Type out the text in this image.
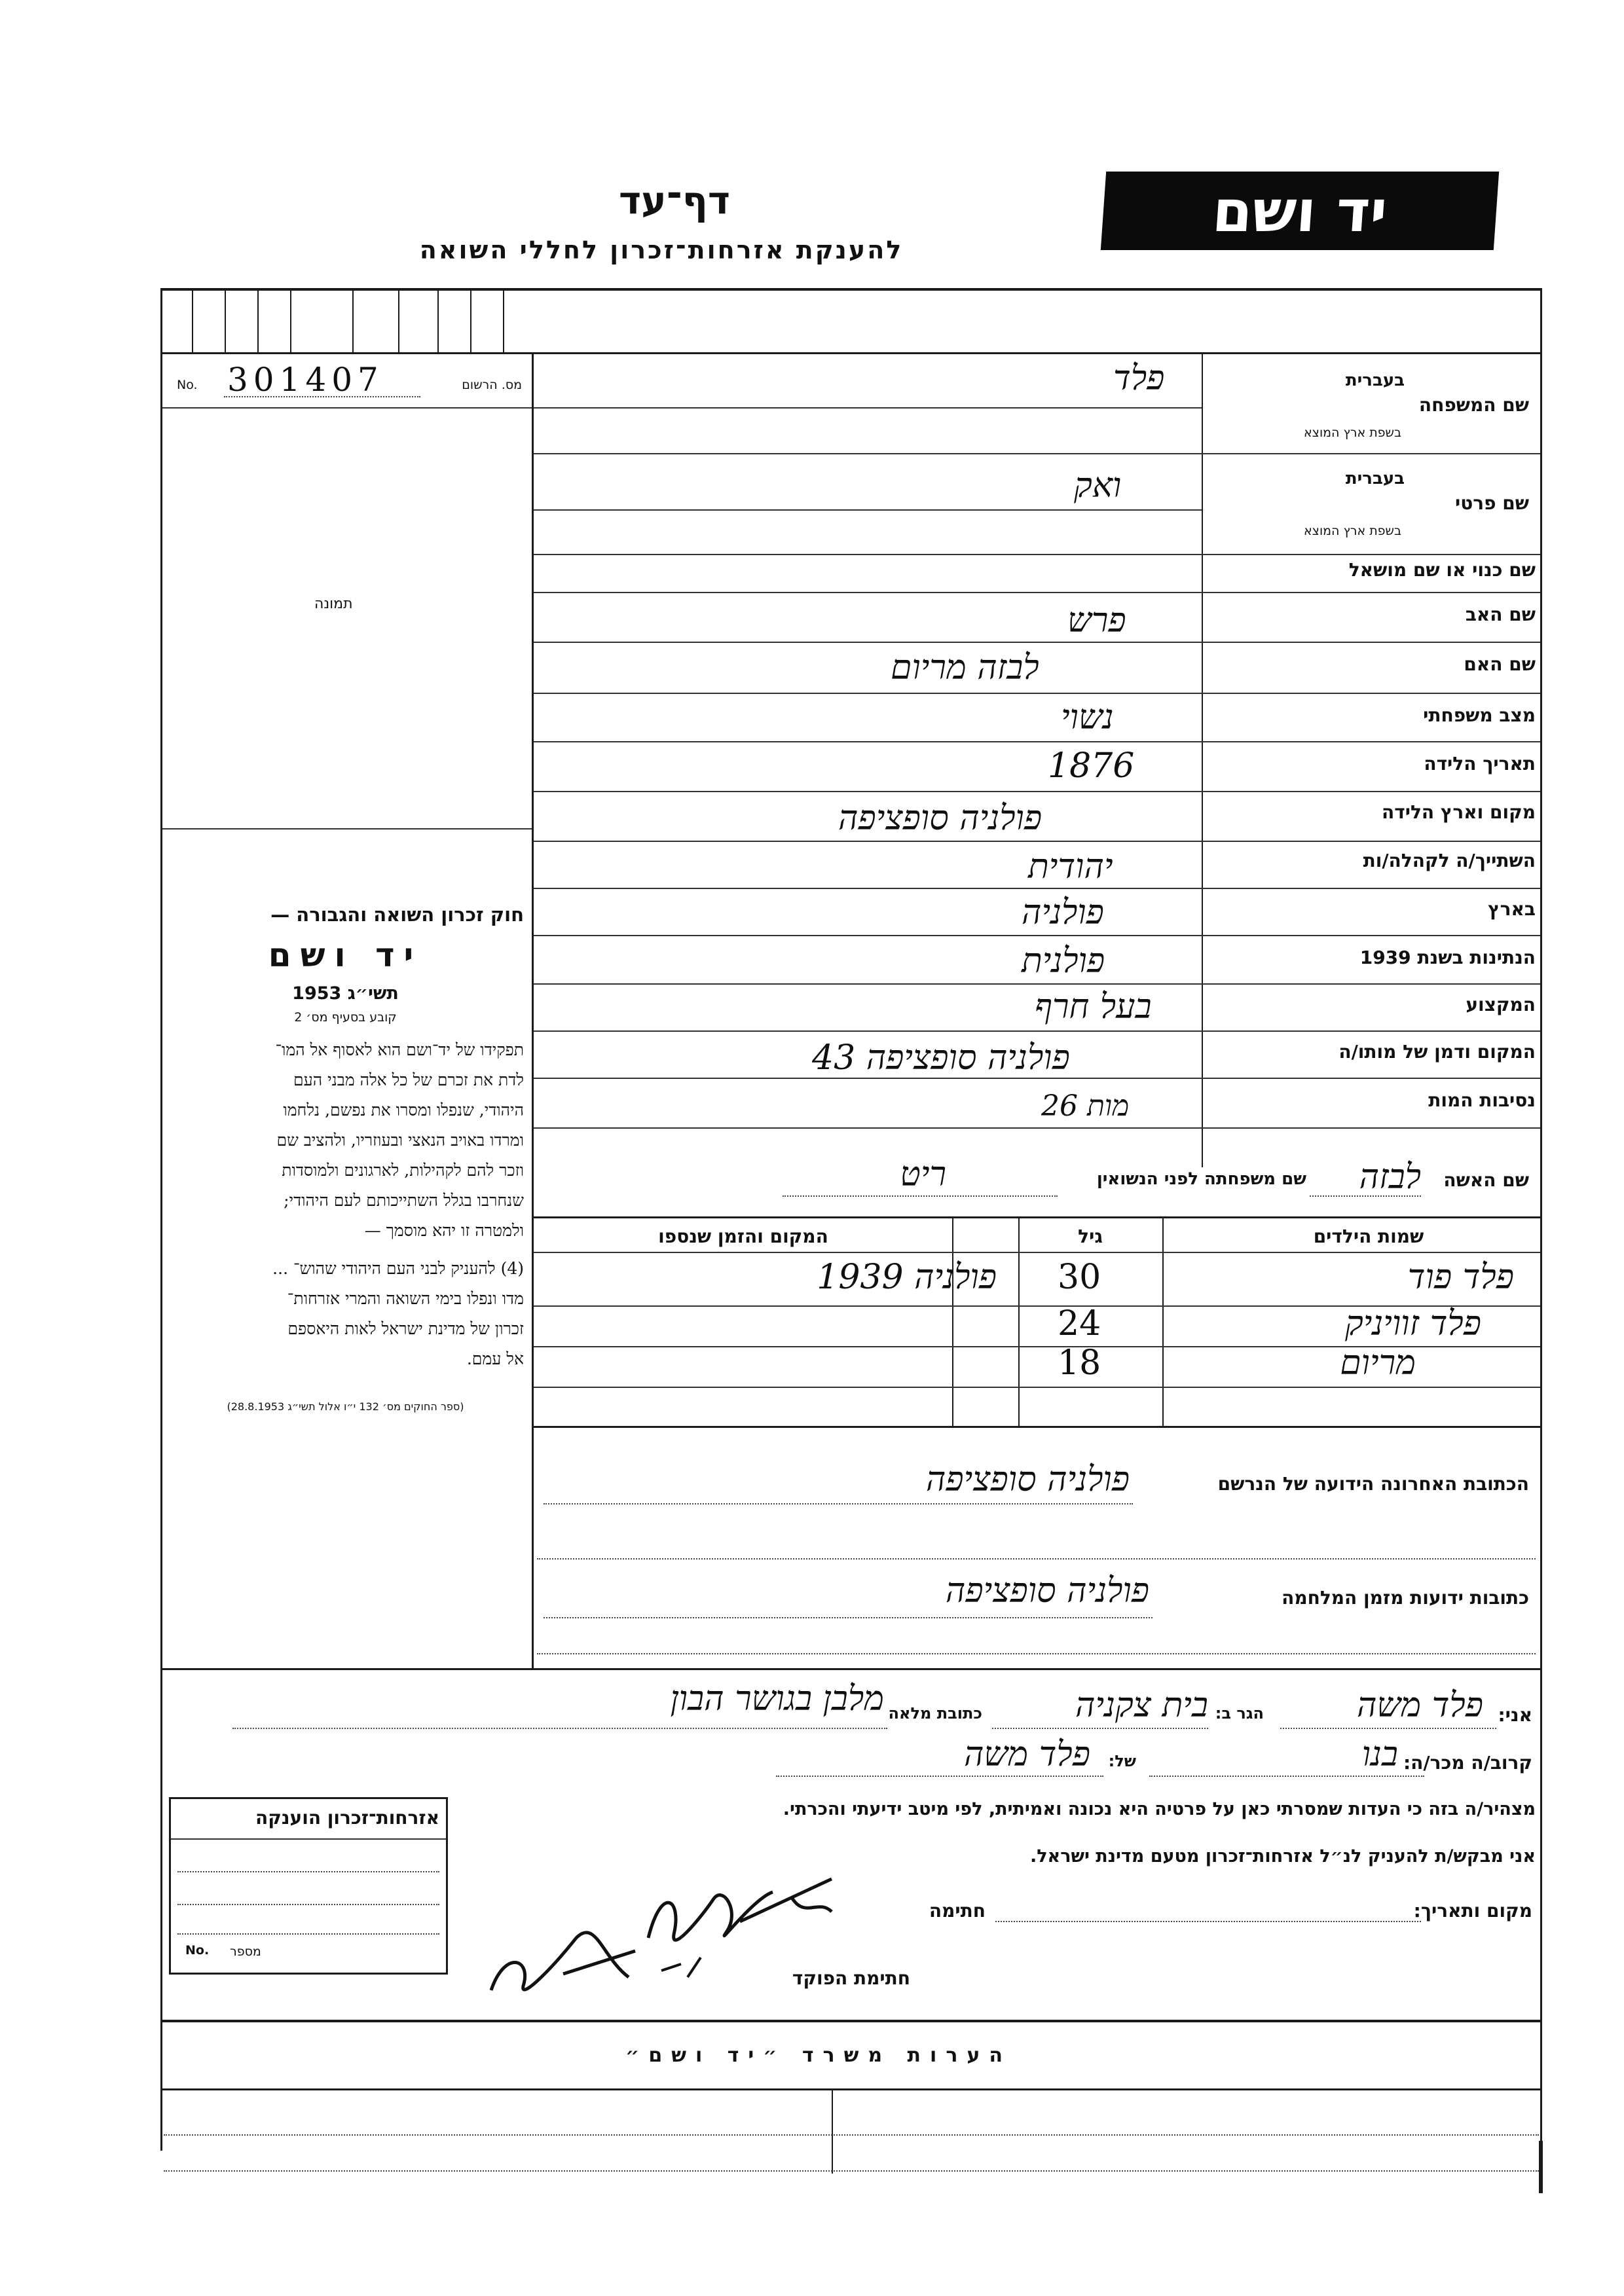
יד ושם
דף־עד
להענקת אזרחות־זכרון לחללי השואה
No. 301407	מס. הרשום
תמונה
חוק זכרון השואה והגבורה —
יד ושם
תשי״ג 1953
קובע בסעיף מס׳ 2
תפקידו של יד־ושם הוא לאסוף אל המו־
לדת את זכרם של כל אלה מבני העם
היהודי, שנפלו ומסרו את נפשם, נלחמו
ומרדו באויב הנאצי ובעוזריו, ולהציב שם
וזכר להם לקהילות, לארגונים ולמוסדות
שנחרבו בגלל השתייכותם לעם היהודי;
ולמטרה זו יהא מוסמך —
(4) להעניק לבני העם היהודי שהוש־ ...
מדו ונפלו בימי השואה והמרי אזרחות־
זכרון של מדינת ישראל לאות היאספם
אל עמם.
(ספר החוקים מס׳ 132 י״ו אלול תשי״ג 28.8.1953)
בעברית
שם המשפחה
בשפת ארץ המוצא
פלד
בעברית
שם פרטי
בשפת ארץ המוצא
ואק
שם כנוי או שם מושאל
שם האב
פרש
שם האם
לבזה מריום
מצב משפחתי
נשוי
תאריך הלידה
1876
מקום וארץ הלידה
פולניה סופציפה
השתייך/ה לקהלה/ות
יהודית
בארץ
פולניה
הנתינות בשנת 1939
פולנית
המקצוע
בעל חרף
המקום ודמן של מותו/ה
43 פולניה סופציפה
נסיבות המות
מות 26
שם האשה
לבזה
שם משפחתה לפני הנשואין
ריט
שמות הילדים
גיל
המקום והזמן שנספו
פלד פוד
30
פולניה 1939
פלד זוויניק
24
מריום
18
הכתובת האחרונה הידועה של הנרשם
פולניה סופציפה
כתובות ידועות מזמן המלחמה
פולניה סופציפה
אני:
פלד משה
הגר ב:
בית צקניה
כתובת מלאה
מלבן בגושר הבון
קרוב/ה מכר/ה:
בנו
של:
פלד משה
מצהיר/ה בזה כי העדות שמסרתי כאן על פרטיה היא נכונה ואמיתית, לפי מיטב ידיעתי והכרתי.
אני מבקש/ת להעניק לנ״ל אזרחות־זכרון מטעם מדינת ישראל.
מקום ותאריך:
חתימה
חתימת הפוקד
אזרחות־זכרון הוענקה
No. מספר
הערות משרד ״יד ושם״
